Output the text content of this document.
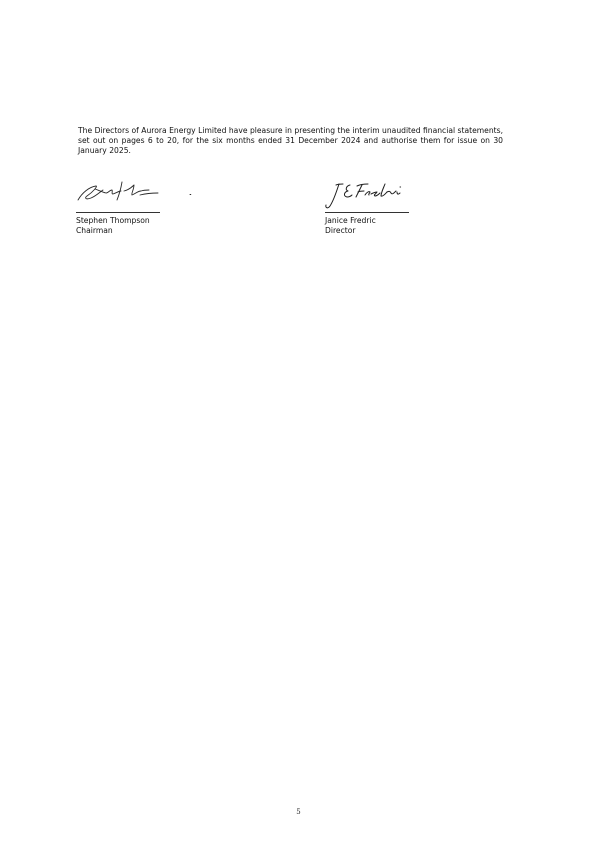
The Directors of Aurora Energy Limited have pleasure in presenting the interim unaudited financial statements, set out on pages 6 to 20, for the six months ended 31 December 2024 and authorise them for issue on 30 January 2025.

Stephen Thompson
Chairman
Janice Fredric
Director
5
